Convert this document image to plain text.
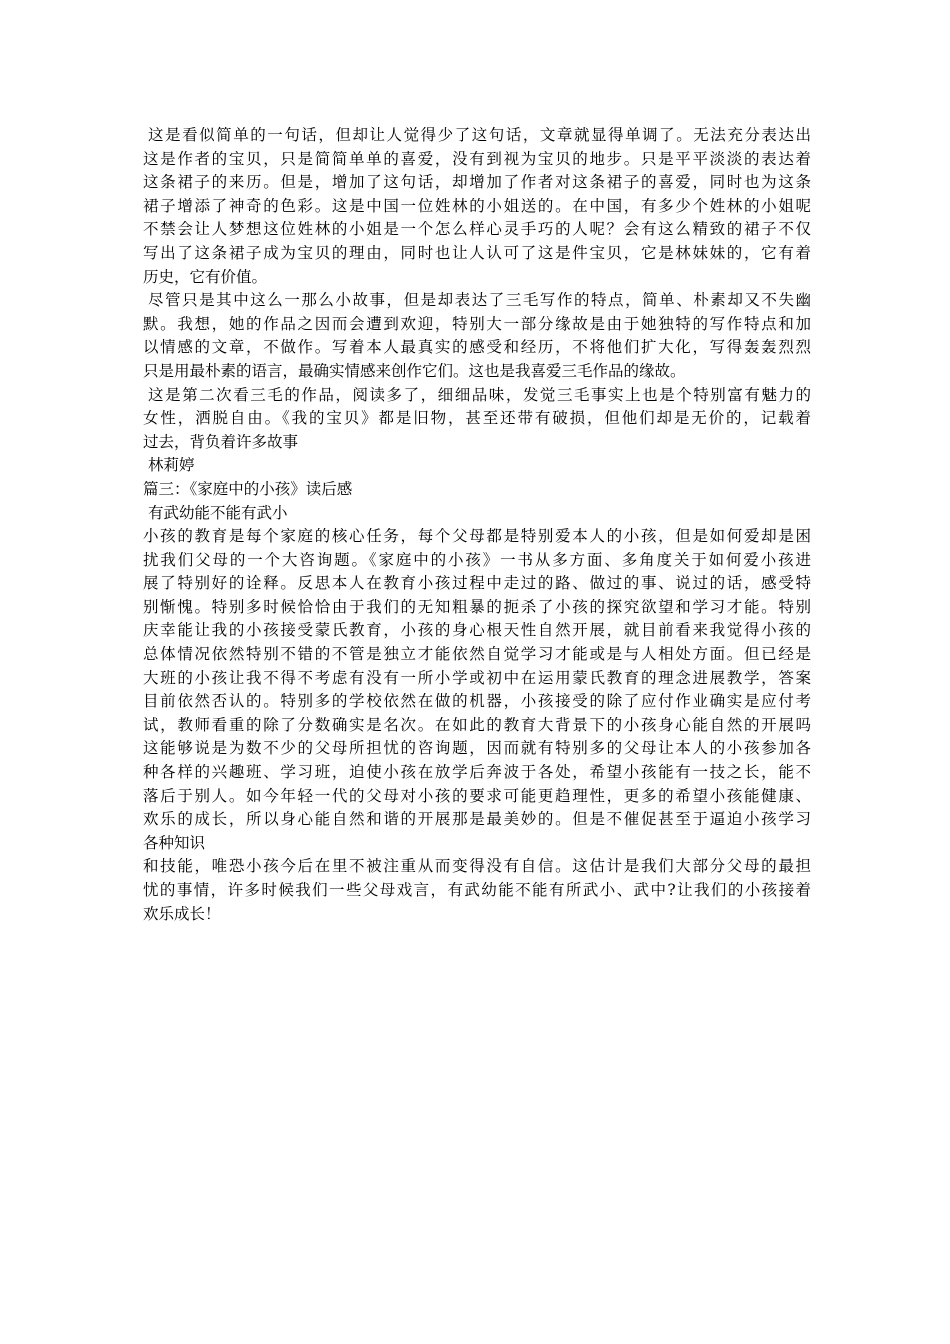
这是看似简单的一句话，但却让人觉得少了这句话，文章就显得单调了。无法充分表达出
这是作者的宝贝，只是简简单单的喜爱，没有到视为宝贝的地步。只是平平淡淡的表达着
这条裙子的来历。但是，增加了这句话，却增加了作者对这条裙子的喜爱，同时也为这条
裙子增添了神奇的色彩。这是中国一位姓林的小姐送的。在中国，有多少个姓林的小姐呢
不禁会让人梦想这位姓林的小姐是一个怎么样心灵手巧的人呢？会有这么精致的裙子不仅
写出了这条裙子成为宝贝的理由，同时也让人认可了这是件宝贝，它是林妹妹的，它有着
历史，它有价值。
尽管只是其中这么一那么小故事，但是却表达了三毛写作的特点，简单、朴素却又不失幽
默。我想，她的作品之因而会遭到欢迎，特别大一部分缘故是由于她独特的写作特点和加
以情感的文章，不做作。写着本人最真实的感受和经历，不将他们扩大化，写得轰轰烈烈
只是用最朴素的语言，最确实情感来创作它们。这也是我喜爱三毛作品的缘故。
这是第二次看三毛的作品，阅读多了，细细品味，发觉三毛事实上也是个特别富有魅力的
女性，洒脱自由。《我的宝贝》都是旧物，甚至还带有破损，但他们却是无价的，记载着
过去，背负着许多故事
林莉婷
篇三：《家庭中的小孩》读后感
有武幼能不能有武小
小孩的教育是每个家庭的核心任务，每个父母都是特别爱本人的小孩，但是如何爱却是困
扰我们父母的一个大咨询题。《家庭中的小孩》一书从多方面、多角度关于如何爱小孩进
展了特别好的诠释。反思本人在教育小孩过程中走过的路、做过的事、说过的话，感受特
别惭愧。特别多时候恰恰由于我们的无知粗暴的扼杀了小孩的探究欲望和学习才能。特别
庆幸能让我的小孩接受蒙氏教育，小孩的身心根天性自然开展，就目前看来我觉得小孩的
总体情况依然特别不错的不管是独立才能依然自觉学习才能或是与人相处方面。但已经是
大班的小孩让我不得不考虑有没有一所小学或初中在运用蒙氏教育的理念进展教学，答案
目前依然否认的。特别多的学校依然在做的机器，小孩接受的除了应付作业确实是应付考
试，教师看重的除了分数确实是名次。在如此的教育大背景下的小孩身心能自然的开展吗
这能够说是为数不少的父母所担忧的咨询题，因而就有特别多的父母让本人的小孩参加各
种各样的兴趣班、学习班，迫使小孩在放学后奔波于各处，希望小孩能有一技之长，能不
落后于别人。如今年轻一代的父母对小孩的要求可能更趋理性，更多的希望小孩能健康、
欢乐的成长，所以身心能自然和谐的开展那是最美妙的。但是不催促甚至于逼迫小孩学习
各种知识
和技能，唯恐小孩今后在里不被注重从而变得没有自信。这估计是我们大部分父母的最担
忧的事情，许多时候我们一些父母戏言，有武幼能不能有所武小、武中?让我们的小孩接着
欢乐成长！
